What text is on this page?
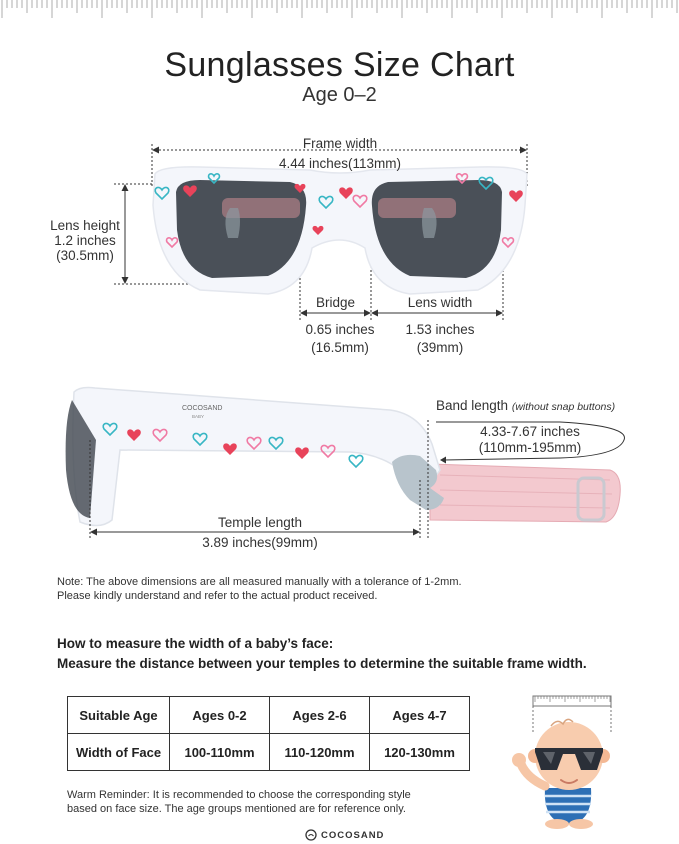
Sunglasses Size Chart
Age 0–2
Frame width
4.44 inches(113mm)
Lens height
1.2 inches
(30.5mm)
Bridge
0.65 inches
(16.5mm)
Lens width
1.53 inches
(39mm)
COCOSAND
BABY
Band length (without snap buttons)
4.33-7.67 inches
(110mm-195mm)
Temple length
3.89 inches(99mm)
Note: The above dimensions are all measured manually with a tolerance of 1-2mm.
Please kindly understand and refer to the actual product received.
How to measure the width of a baby’s face:
Measure the distance between your temples to determine the suitable frame width.
Suitable Age	Ages 0-2	Ages 2-6	Ages 4-7
Width of Face	100-110mm	110-120mm	120-130mm
Warm Reminder: It is recommended to choose the corresponding style
based on face size. The age groups mentioned are for reference only.
COCOSAND
